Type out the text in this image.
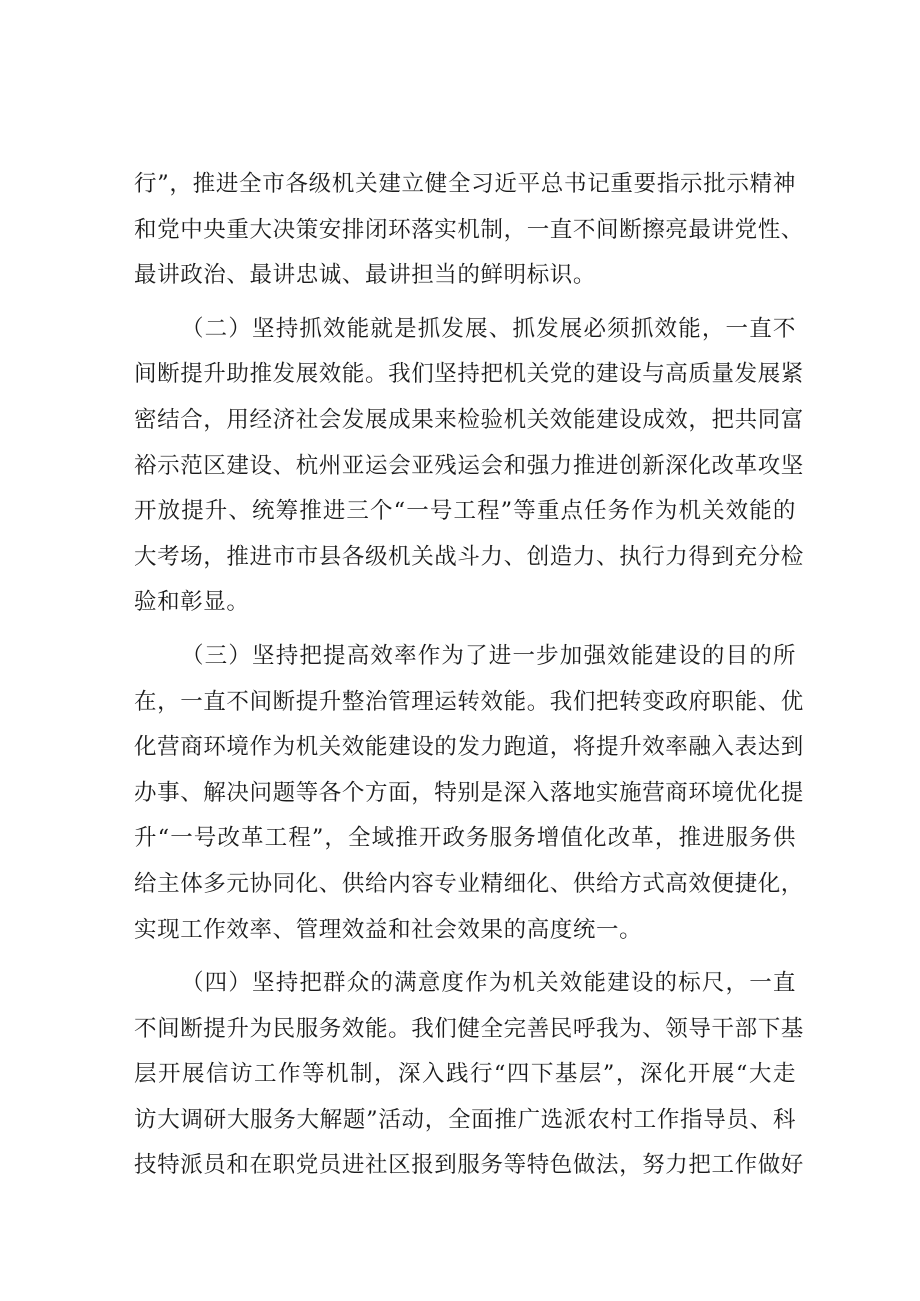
行”，推进全市各级机关建立健全习近平总书记重要指示批示精神
和党中央重大决策安排闭环落实机制，一直不间断擦亮最讲党性、
最讲政治、最讲忠诚、最讲担当的鲜明标识。
（二）坚持抓效能就是抓发展、抓发展必须抓效能，一直不
间断提升助推发展效能。我们坚持把机关党的建设与高质量发展紧
密结合，用经济社会发展成果来检验机关效能建设成效，把共同富
裕示范区建设、杭州亚运会亚残运会和强力推进创新深化改革攻坚
开放提升、统筹推进三个“一号工程”等重点任务作为机关效能的
大考场，推进市市县各级机关战斗力、创造力、执行力得到充分检
验和彰显。
（三）坚持把提高效率作为了进一步加强效能建设的目的所
在，一直不间断提升整治管理运转效能。我们把转变政府职能、优
化营商环境作为机关效能建设的发力跑道，将提升效率融入表达到
办事、解决问题等各个方面，特别是深入落地实施营商环境优化提
升“一号改革工程”，全域推开政务服务增值化改革，推进服务供
给主体多元协同化、供给内容专业精细化、供给方式高效便捷化，
实现工作效率、管理效益和社会效果的高度统一。
（四）坚持把群众的满意度作为机关效能建设的标尺，一直
不间断提升为民服务效能。我们健全完善民呼我为、领导干部下基
层开展信访工作等机制，深入践行“四下基层”，深化开展“大走
访大调研大服务大解题”活动，全面推广选派农村工作指导员、科
技特派员和在职党员进社区报到服务等特色做法，努力把工作做好
